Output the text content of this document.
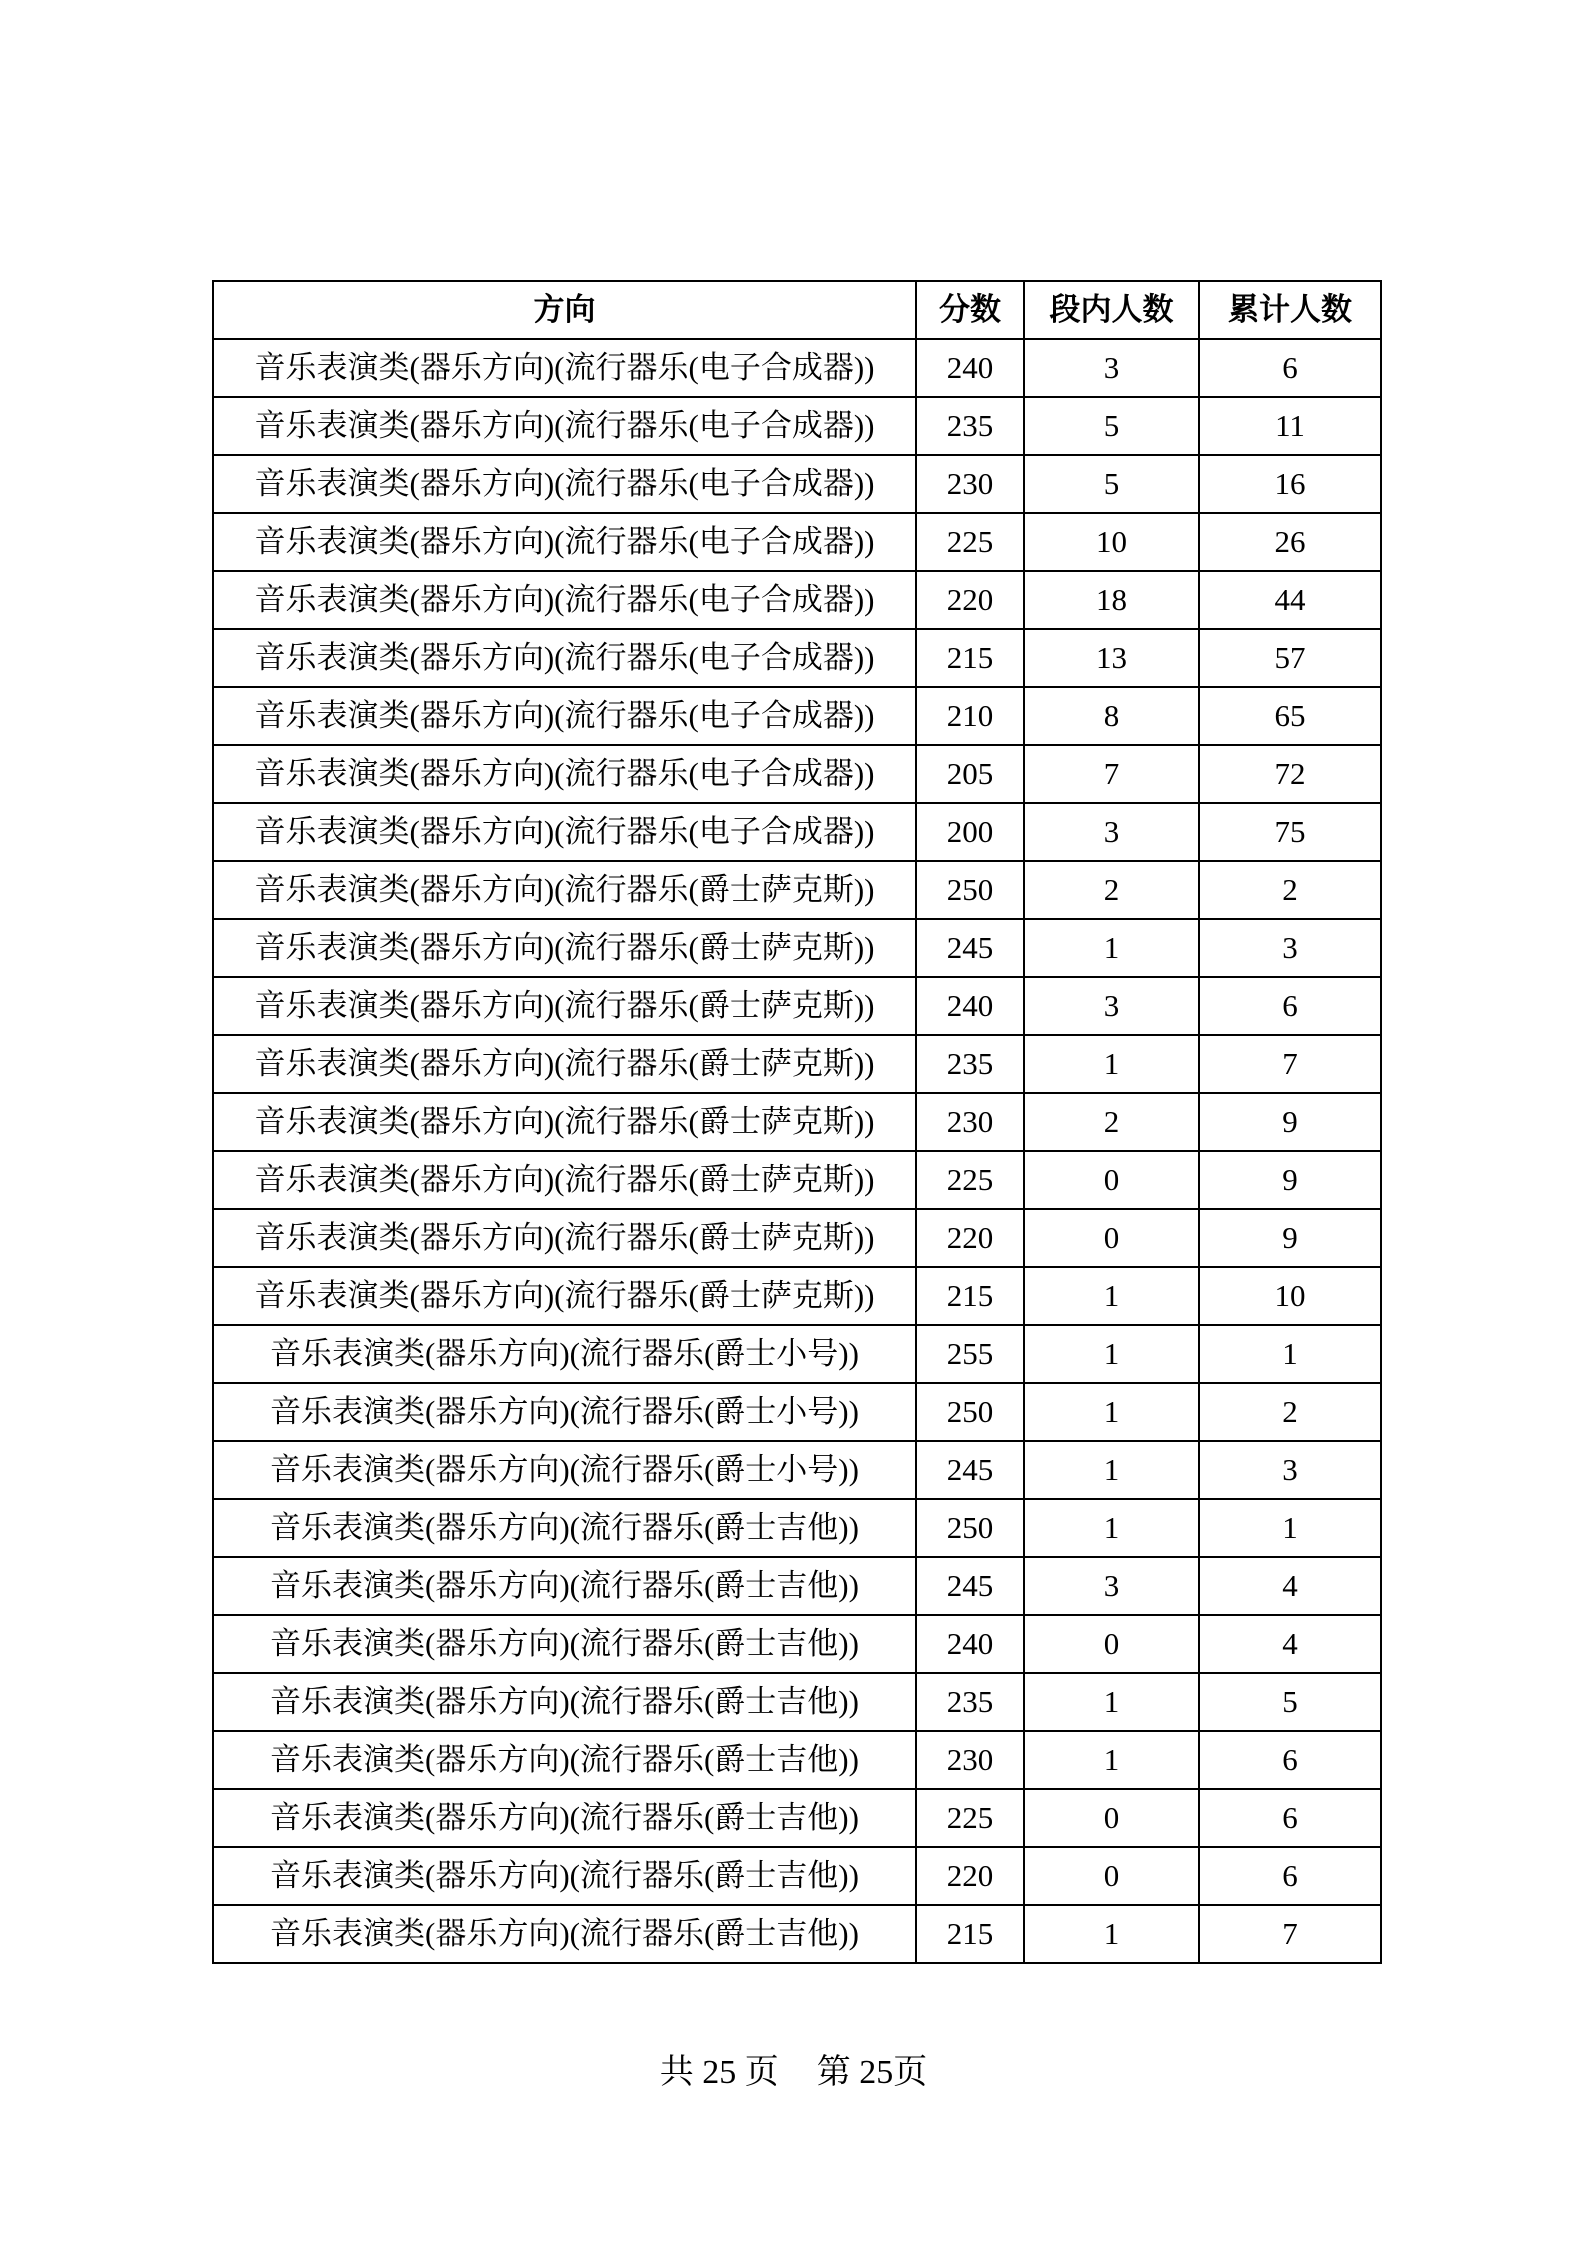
方向	分数	段内人数	累计人数
音乐表演类(器乐方向)(流行器乐(电子合成器))	240	3	6
音乐表演类(器乐方向)(流行器乐(电子合成器))	235	5	11
音乐表演类(器乐方向)(流行器乐(电子合成器))	230	5	16
音乐表演类(器乐方向)(流行器乐(电子合成器))	225	10	26
音乐表演类(器乐方向)(流行器乐(电子合成器))	220	18	44
音乐表演类(器乐方向)(流行器乐(电子合成器))	215	13	57
音乐表演类(器乐方向)(流行器乐(电子合成器))	210	8	65
音乐表演类(器乐方向)(流行器乐(电子合成器))	205	7	72
音乐表演类(器乐方向)(流行器乐(电子合成器))	200	3	75
音乐表演类(器乐方向)(流行器乐(爵士萨克斯))	250	2	2
音乐表演类(器乐方向)(流行器乐(爵士萨克斯))	245	1	3
音乐表演类(器乐方向)(流行器乐(爵士萨克斯))	240	3	6
音乐表演类(器乐方向)(流行器乐(爵士萨克斯))	235	1	7
音乐表演类(器乐方向)(流行器乐(爵士萨克斯))	230	2	9
音乐表演类(器乐方向)(流行器乐(爵士萨克斯))	225	0	9
音乐表演类(器乐方向)(流行器乐(爵士萨克斯))	220	0	9
音乐表演类(器乐方向)(流行器乐(爵士萨克斯))	215	1	10
音乐表演类(器乐方向)(流行器乐(爵士小号))	255	1	1
音乐表演类(器乐方向)(流行器乐(爵士小号))	250	1	2
音乐表演类(器乐方向)(流行器乐(爵士小号))	245	1	3
音乐表演类(器乐方向)(流行器乐(爵士吉他))	250	1	1
音乐表演类(器乐方向)(流行器乐(爵士吉他))	245	3	4
音乐表演类(器乐方向)(流行器乐(爵士吉他))	240	0	4
音乐表演类(器乐方向)(流行器乐(爵士吉他))	235	1	5
音乐表演类(器乐方向)(流行器乐(爵士吉他))	230	1	6
音乐表演类(器乐方向)(流行器乐(爵士吉他))	225	0	6
音乐表演类(器乐方向)(流行器乐(爵士吉他))	220	0	6
音乐表演类(器乐方向)(流行器乐(爵士吉他))	215	1	7
共 25 页 第 25页
